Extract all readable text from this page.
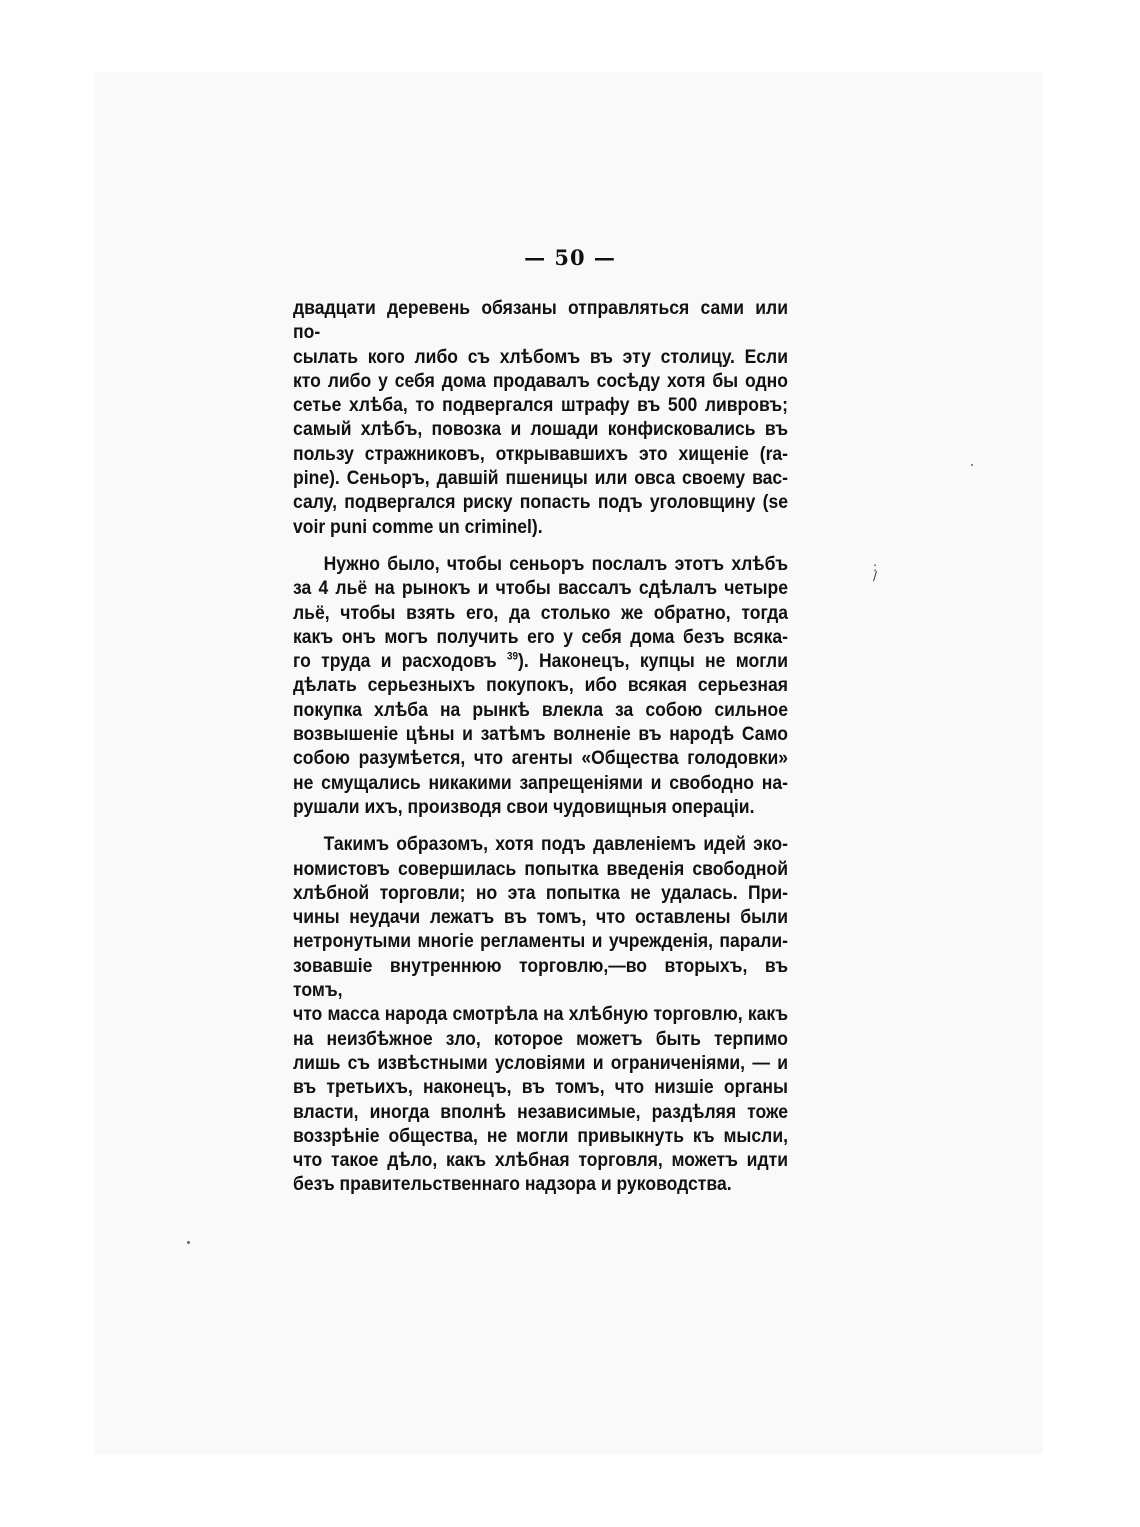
— 50 —

двадцати деревень обязаны отправляться сами или по-
сылать кого либо съ хлѣбомъ въ эту столицу. Если
кто либо у себя дома продавалъ сосѣду хотя бы одно
сетье хлѣба, то подвергался штрафу въ 500 ливровъ;
самый хлѣбъ, повозка и лошади конфисковались въ
пользу стражниковъ, открывавшихъ это хищеніе (ra-
pine). Сеньоръ, давшій пшеницы или овса своему вас-
салу, подвергался риску попасть подъ уголовщину (se
voir puni comme un criminel).

Нужно было, чтобы сеньоръ послалъ этотъ хлѣбъ
за 4 льё на рынокъ и чтобы вассалъ сдѣлалъ четыре
льё, чтобы взять его, да столько же обратно, тогда
какъ онъ могъ получить его у себя дома безъ всяка-
го труда и расходовъ $^{39}$). Наконецъ, купцы не могли
дѣлать серьезныхъ покупокъ, ибо всякая серьезная
покупка хлѣба на рынкѣ влекла за собою сильное
возвышеніе цѣны и затѣмъ волненіе въ народѣ Само
собою разумѣется, что агенты «Общества голодовки»
не смущались никакими запрещеніями и свободно на-
рушали ихъ, производя свои чудовищныя операціи.

Такимъ образомъ, хотя подъ давленіемъ идей эко-
номистовъ совершилась попытка введенія свободной
хлѣбной торговли; но эта попытка не удалась. При-
чины неудачи лежатъ въ томъ, что оставлены были
нетронутыми многіе регламенты и учрежденія, парали-
зовавшіе внутреннюю торговлю,—во вторыхъ, въ томъ,
что масса народа смотрѣла на хлѣбную торговлю, какъ
на неизбѣжное зло, которое можетъ быть терпимо
лишь съ извѣстными условіями и ограниченіями, — и
въ третьихъ, наконецъ, въ томъ, что низшіе органы
власти, иногда вполнѣ независимые, раздѣляя тоже
воззрѣніе общества, не могли привыкнуть къ мысли,
что такое дѣло, какъ хлѣбная торговля, можетъ идти
безъ правительственнаго надзора и руководства.

: /
